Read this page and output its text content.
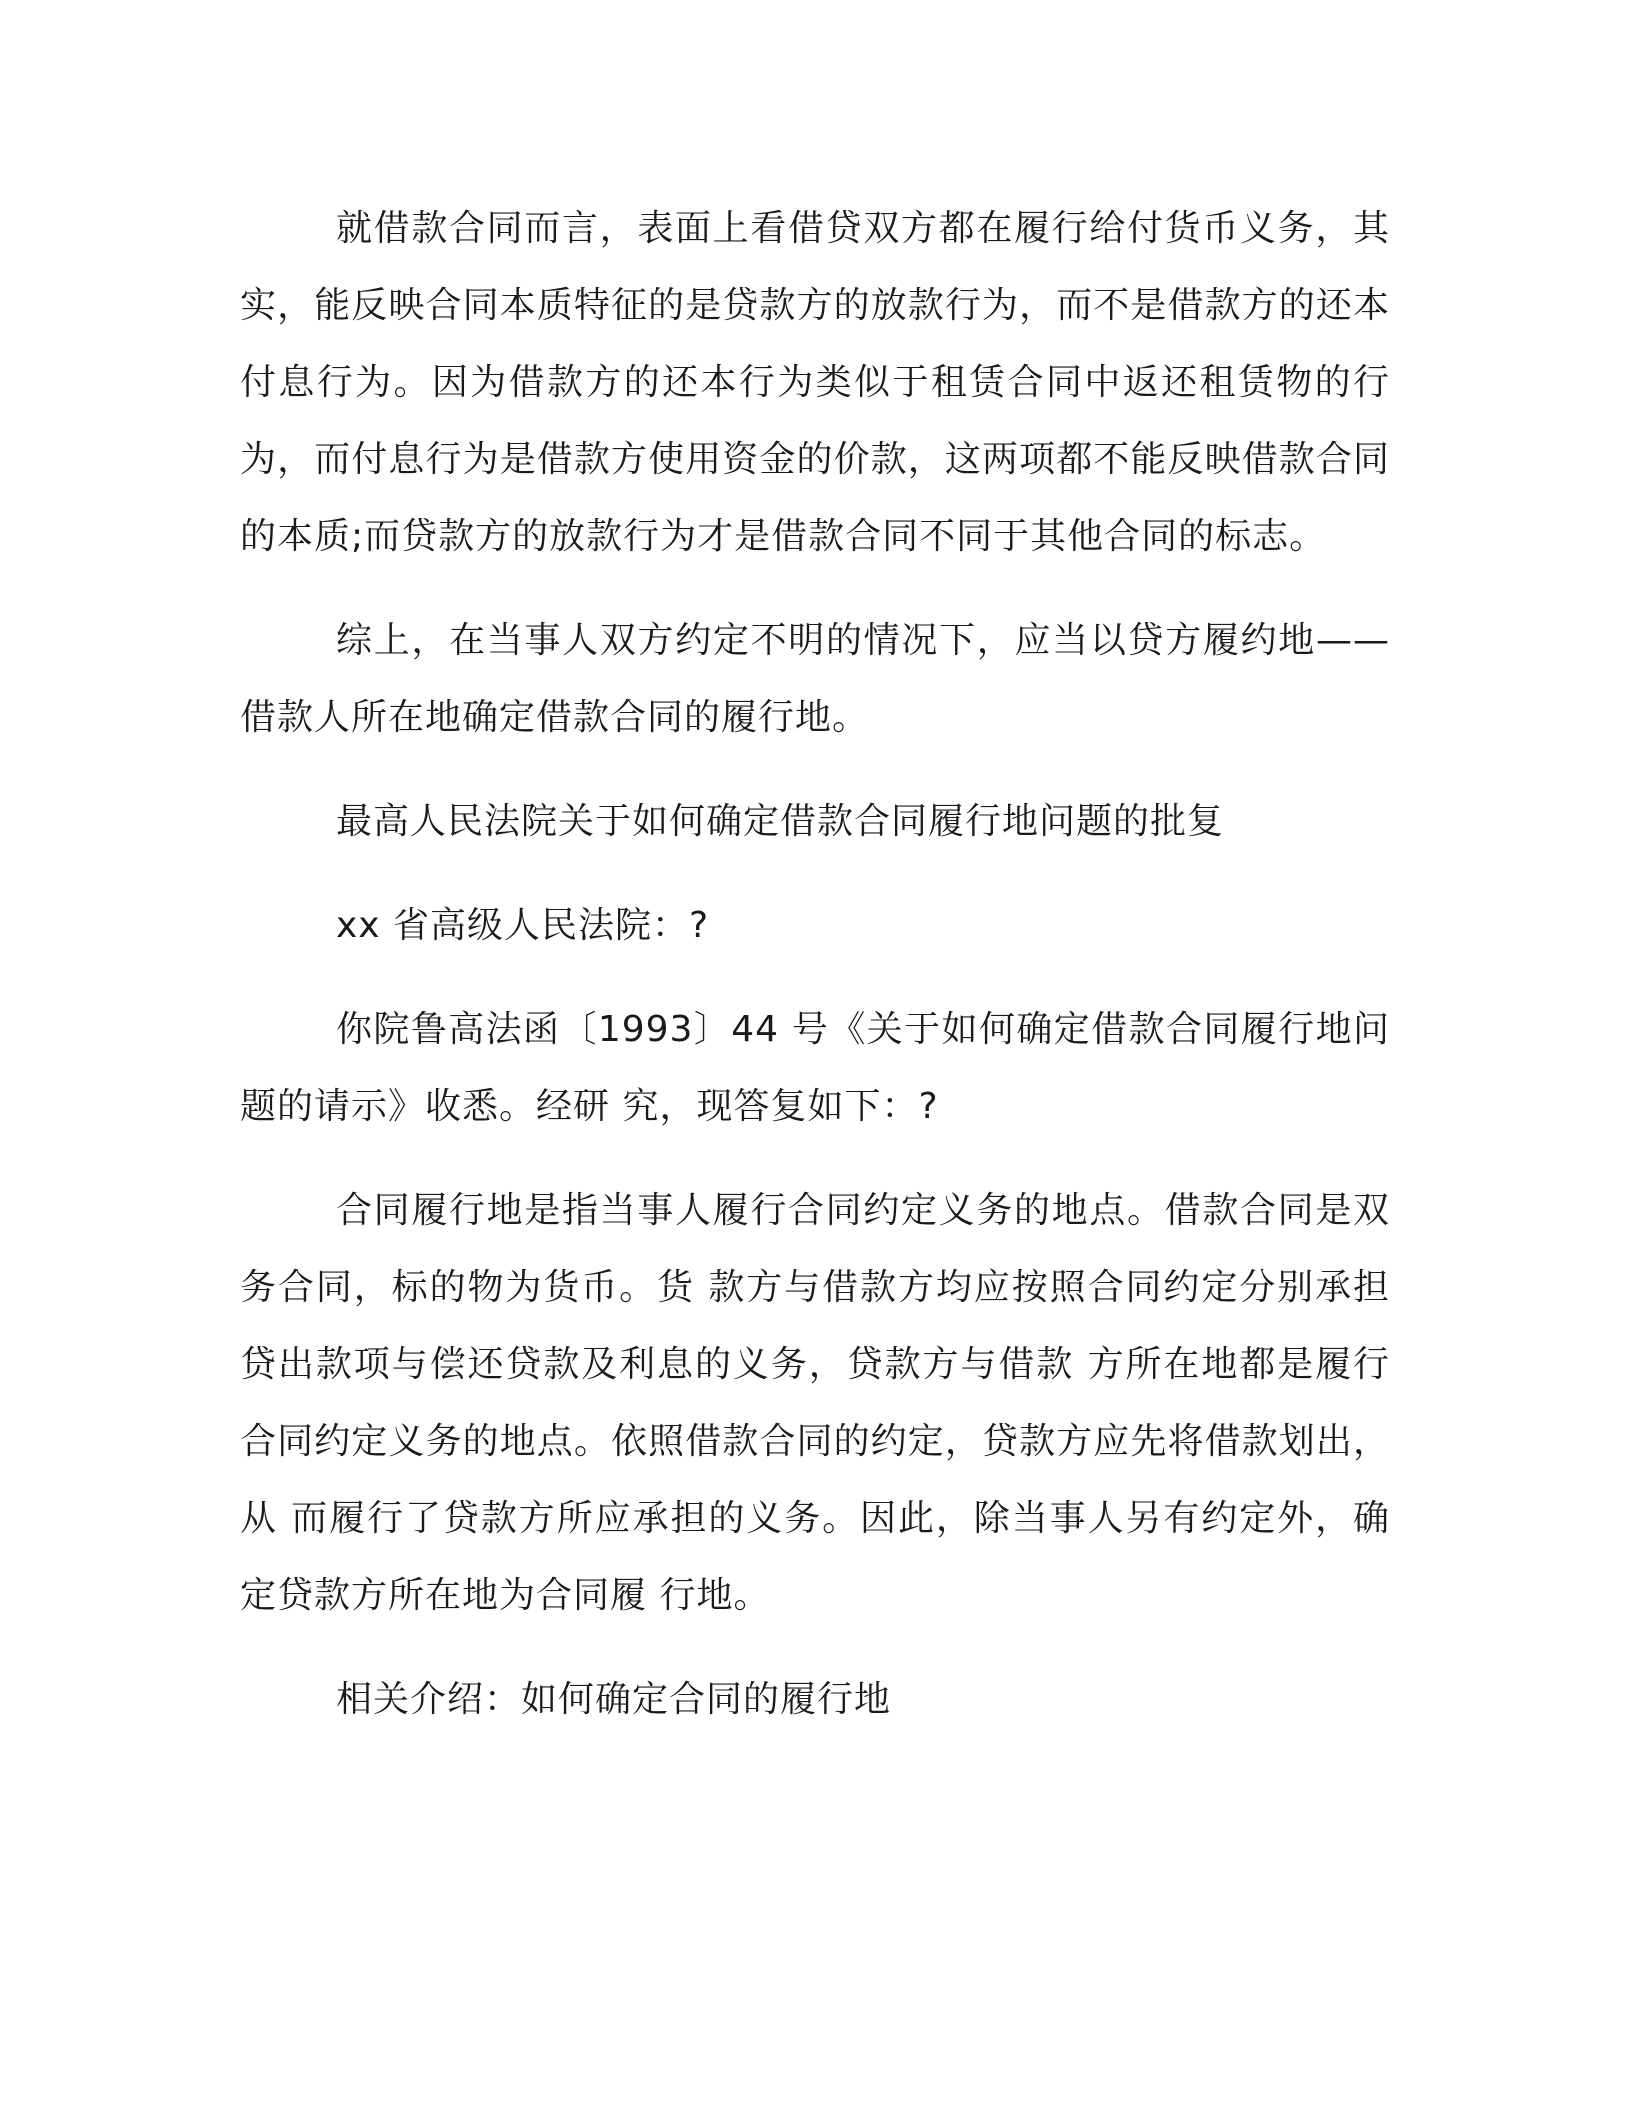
就借款合同而言，表面上看借贷双方都在履行给付货币义务，其实，能反映合同本质特征的是贷款方的放款行为，而不是借款方的还本付息行为。因为借款方的还本行为类似于租赁合同中返还租赁物的行为，而付息行为是借款方使用资金的价款，这两项都不能反映借款合同的本质;而贷款方的放款行为才是借款合同不同于其他合同的标志。

综上，在当事人双方约定不明的情况下，应当以贷方履约地——借款人所在地确定借款合同的履行地。

最高人民法院关于如何确定借款合同履行地问题的批复

xx 省高级人民法院：?

你院鲁高法函〔1993〕44 号《关于如何确定借款合同履行地问题的请示》收悉。经研 究，现答复如下：?

合同履行地是指当事人履行合同约定义务的地点。借款合同是双务合同，标的物为货币。货 款方与借款方均应按照合同约定分别承担贷出款项与偿还贷款及利息的义务，贷款方与借款 方所在地都是履行合同约定义务的地点。依照借款合同的约定，贷款方应先将借款划出，从 而履行了贷款方所应承担的义务。因此，除当事人另有约定外，确定贷款方所在地为合同履 行地。

相关介绍：如何确定合同的履行地
